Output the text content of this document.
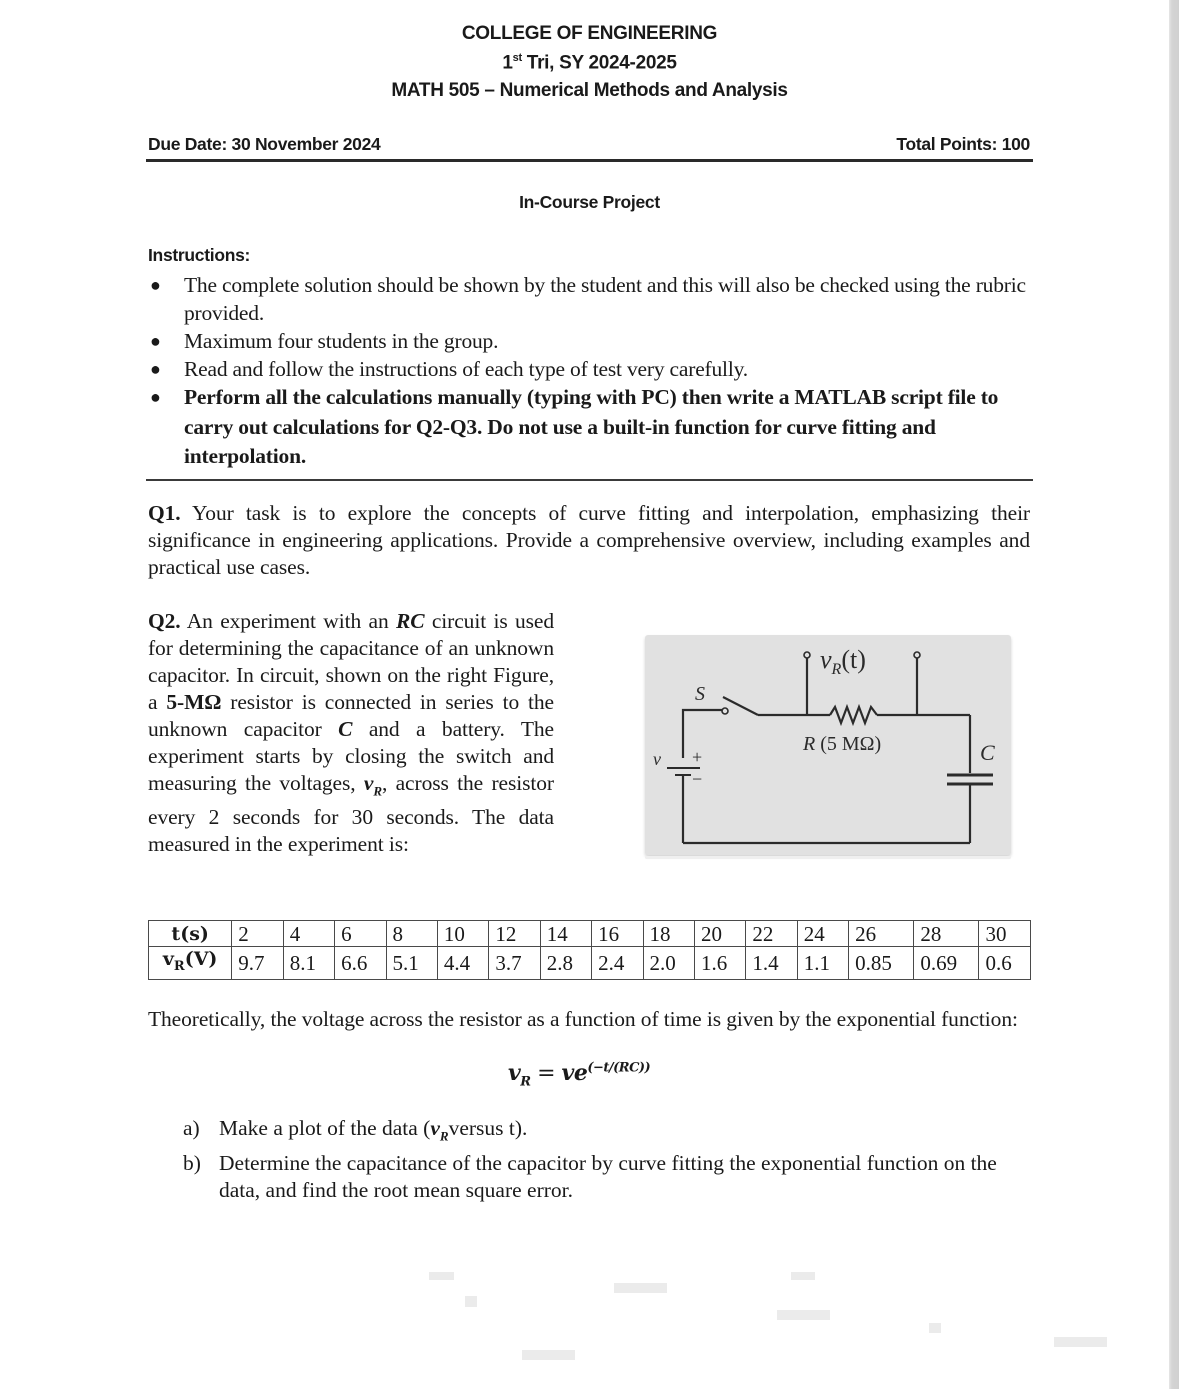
COLLEGE OF ENGINEERING
1st Tri, SY 2024-2025
MATH 505 – Numerical Methods and Analysis
Due Date: 30 November 2024	Total Points: 100
In-Course Project
Instructions:
● The complete solution should be shown by the student and this will also be checked using the rubric provided.
● Maximum four students in the group.
● Read and follow the instructions of each type of test very carefully.
● Perform all the calculations manually (typing with PC) then write a MATLAB script file to carry out calculations for Q2-Q3. Do not use a built-in function for curve fitting and interpolation.
Q1. Your task is to explore the concepts of curve fitting and interpolation, emphasizing their significance in engineering applications. Provide a comprehensive overview, including examples and practical use cases.
Q2. An experiment with an RC circuit is used for determining the capacitance of an unknown capacitor. In circuit, shown on the right Figure, a 5-MΩ resistor is connected in series to the unknown capacitor C and a battery. The experiment starts by closing the switch and measuring the voltages, $v_R$, across the resistor every 2 seconds for 30 seconds. The data measured in the experiment is:
$v_R(t)$
S
R (5 MΩ)	C
v +
−
t(s)	2	4	6	8	10	12	14	16	18	20	22	24	26	28	30
$v_R(V)$	9.7	8.1	6.6	5.1	4.4	3.7	2.8	2.4	2.0	1.6	1.4	1.1	0.85	0.69	0.6
Theoretically, the voltage across the resistor as a function of time is given by the exponential function:
$v_R = ve^{(-t/(RC))}$
a) Make a plot of the data ($v_Rversus$ t).
b) Determine the capacitance of the capacitor by curve fitting the exponential function on the data, and find the root mean square error.
